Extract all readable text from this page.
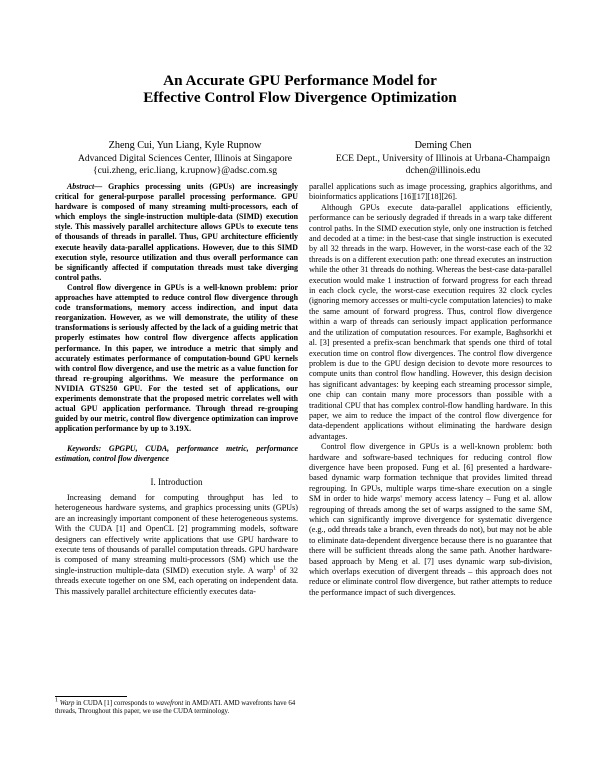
An Accurate GPU Performance Model for
Effective Control Flow Divergence Optimization
Zheng Cui, Yun Liang, Kyle Rupnow
Advanced Digital Sciences Center, Illinois at Singapore
{cui.zheng, eric.liang, k.rupnow}@adsc.com.sg
Deming Chen
ECE Dept., University of Illinois at Urbana-Champaign
dchen@illinois.edu

Abstract— Graphics processing units (GPUs) are increasingly critical for general-purpose parallel processing performance. GPU hardware is composed of many streaming multi-processors, each of which employs the single-instruction multiple-data (SIMD) execution style. This massively parallel architecture allows GPUs to execute tens of thousands of threads in parallel. Thus, GPU architecture efficiently execute heavily data-parallel applications. However, due to this SIMD execution style, resource utilization and thus overall performance can be significantly affected if computation threads must take diverging control paths.

Control flow divergence in GPUs is a well-known problem: prior approaches have attempted to reduce control flow divergence through code transformations, memory access indirection, and input data reorganization. However, as we will demonstrate, the utility of these transformations is seriously affected by the lack of a guiding metric that properly estimates how control flow divergence affects application performance. In this paper, we introduce a metric that simply and accurately estimates performance of computation-bound GPU kernels with control flow divergence, and use the metric as a value function for thread re-grouping algorithms. We measure the performance on NVIDIA GTS250 GPU. For the tested set of applications, our experiments demonstrate that the proposed metric correlates well with actual GPU application performance. Through thread re-grouping guided by our metric, control flow divergence optimization can improve application performance by up to 3.19X.

Keywords: GPGPU, CUDA, performance metric, performance estimation, control flow divergence

I. Introduction

Increasing demand for computing throughput has led to heterogeneous hardware systems, and graphics processing units (GPUs) are an increasingly important component of these heterogeneous systems. With the CUDA [1] and OpenCL [2] programming models, software designers can effectively write applications that use GPU hardware to execute tens of thousands of parallel computation threads. GPU hardware is composed of many streaming multi-processors (SM) which use the single-instruction multiple-data (SIMD) execution style. A warp$^1$ of 32 threads execute together on one SM, each operating on independent data. This massively parallel architecture efficiently executes data-

$^1$ Warp in CUDA [1] corresponds to wavefront in AMD/ATI. AMD wavefronts have 64 threads, Throughout this paper, we use the CUDA terminology.

parallel applications such as image processing, graphics algorithms, and bioinformatics applications [16][17][18][26].

Although GPUs execute data-parallel applications efficiently, performance can be seriously degraded if threads in a warp take different control paths. In the SIMD execution style, only one instruction is fetched and decoded at a time: in the best-case that single instruction is executed by all 32 threads in the warp. However, in the worst-case each of the 32 threads is on a different execution path: one thread executes an instruction while the other 31 threads do nothing. Whereas the best-case data-parallel execution would make 1 instruction of forward progress for each thread in each clock cycle, the worst-case execution requires 32 clock cycles (ignoring memory accesses or multi-cycle computation latencies) to make the same amount of forward progress. Thus, control flow divergence within a warp of threads can seriously impact application performance and the utilization of computation resources. For example, Baghsorkhi et al. [3] presented a prefix-scan benchmark that spends one third of total execution time on control flow divergences. The control flow divergence problem is due to the GPU design decision to devote more resources to compute units than control flow handling. However, this design decision has significant advantages: by keeping each streaming processor simple, one chip can contain many more processors than possible with a traditional CPU that has complex control-flow handling hardware. In this paper, we aim to reduce the impact of the control flow divergence for data-dependent applications without eliminating the hardware design advantages.

Control flow divergence in GPUs is a well-known problem: both hardware and software-based techniques for reducing control flow divergence have been proposed. Fung et al. [6] presented a hardware-based dynamic warp formation technique that provides limited thread regrouping. In GPUs, multiple warps time-share execution on a single SM in order to hide warps' memory access latency – Fung et al. allow regrouping of threads among the set of warps assigned to the same SM, which can significantly improve divergence for systematic divergence (e.g., odd threads take a branch, even threads do not), but may not be able to eliminate data-dependent divergence because there is no guarantee that there will be sufficient threads along the same path. Another hardware-based approach by Meng et al. [7] uses dynamic warp sub-division, which overlaps execution of divergent threads – this approach does not reduce or eliminate control flow divergence, but rather attempts to reduce the performance impact of such divergences.
